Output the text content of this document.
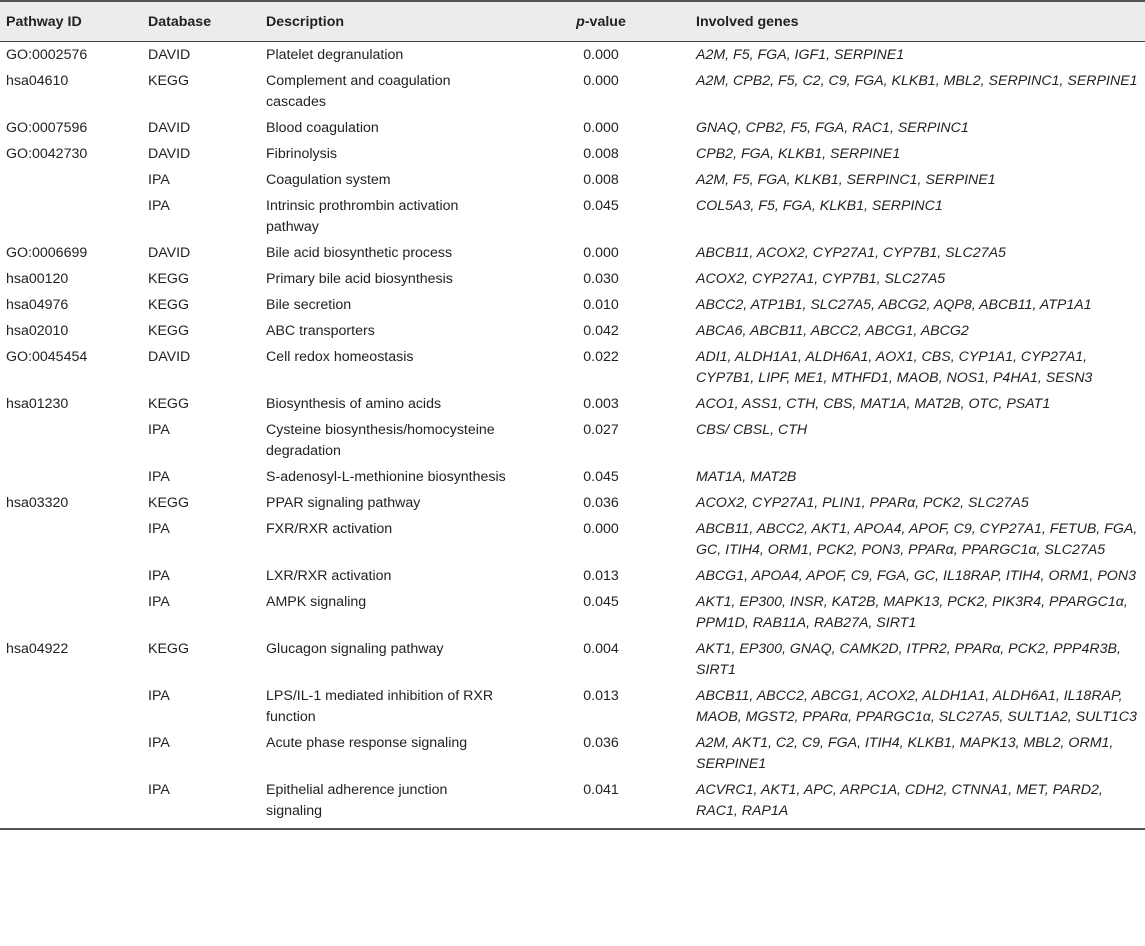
Pathway ID	Database	Description	p-value	Involved genes
GO:0002576	DAVID	Platelet degranulation	0.000	A2M, F5, FGA, IGF1, SERPINE1
hsa04610	KEGG	Complement and coagulation cascades	0.000	A2M, CPB2, F5, C2, C9, FGA, KLKB1, MBL2, SERPINC1, SERPINE1
GO:0007596	DAVID	Blood coagulation	0.000	GNAQ, CPB2, F5, FGA, RAC1, SERPINC1
GO:0042730	DAVID	Fibrinolysis	0.008	CPB2, FGA, KLKB1, SERPINE1
	IPA	Coagulation system	0.008	A2M, F5, FGA, KLKB1, SERPINC1, SERPINE1
	IPA	Intrinsic prothrombin activation pathway	0.045	COL5A3, F5, FGA, KLKB1, SERPINC1
GO:0006699	DAVID	Bile acid biosynthetic process	0.000	ABCB11, ACOX2, CYP27A1, CYP7B1, SLC27A5
hsa00120	KEGG	Primary bile acid biosynthesis	0.030	ACOX2, CYP27A1, CYP7B1, SLC27A5
hsa04976	KEGG	Bile secretion	0.010	ABCC2, ATP1B1, SLC27A5, ABCG2, AQP8, ABCB11, ATP1A1
hsa02010	KEGG	ABC transporters	0.042	ABCA6, ABCB11, ABCC2, ABCG1, ABCG2
GO:0045454	DAVID	Cell redox homeostasis	0.022	ADI1, ALDH1A1, ALDH6A1, AOX1, CBS, CYP1A1, CYP27A1, CYP7B1, LIPF, ME1, MTHFD1, MAOB, NOS1, P4HA1, SESN3
hsa01230	KEGG	Biosynthesis of amino acids	0.003	ACO1, ASS1, CTH, CBS, MAT1A, MAT2B, OTC, PSAT1
	IPA	Cysteine biosynthesis/homocysteine degradation	0.027	CBS/ CBSL, CTH
	IPA	S-adenosyl-L-methionine biosynthesis	0.045	MAT1A, MAT2B
hsa03320	KEGG	PPAR signaling pathway	0.036	ACOX2, CYP27A1, PLIN1, PPARα, PCK2, SLC27A5
	IPA	FXR/RXR activation	0.000	ABCB11, ABCC2, AKT1, APOA4, APOF, C9, CYP27A1, FETUB, FGA, GC, ITIH4, ORM1, PCK2, PON3, PPARα, PPARGC1α, SLC27A5
	IPA	LXR/RXR activation	0.013	ABCG1, APOA4, APOF, C9, FGA, GC, IL18RAP, ITIH4, ORM1, PON3
	IPA	AMPK signaling	0.045	AKT1, EP300, INSR, KAT2B, MAPK13, PCK2, PIK3R4, PPARGC1α, PPM1D, RAB11A, RAB27A, SIRT1
hsa04922	KEGG	Glucagon signaling pathway	0.004	AKT1, EP300, GNAQ, CAMK2D, ITPR2, PPARα, PCK2, PPP4R3B, SIRT1
	IPA	LPS/IL-1 mediated inhibition of RXR function	0.013	ABCB11, ABCC2, ABCG1, ACOX2, ALDH1A1, ALDH6A1, IL18RAP, MAOB, MGST2, PPARα, PPARGC1α, SLC27A5, SULT1A2, SULT1C3
	IPA	Acute phase response signaling	0.036	A2M, AKT1, C2, C9, FGA, ITIH4, KLKB1, MAPK13, MBL2, ORM1, SERPINE1
	IPA	Epithelial adherence junction signaling	0.041	ACVRC1, AKT1, APC, ARPC1A, CDH2, CTNNA1, MET, PARD2, RAC1, RAP1A
